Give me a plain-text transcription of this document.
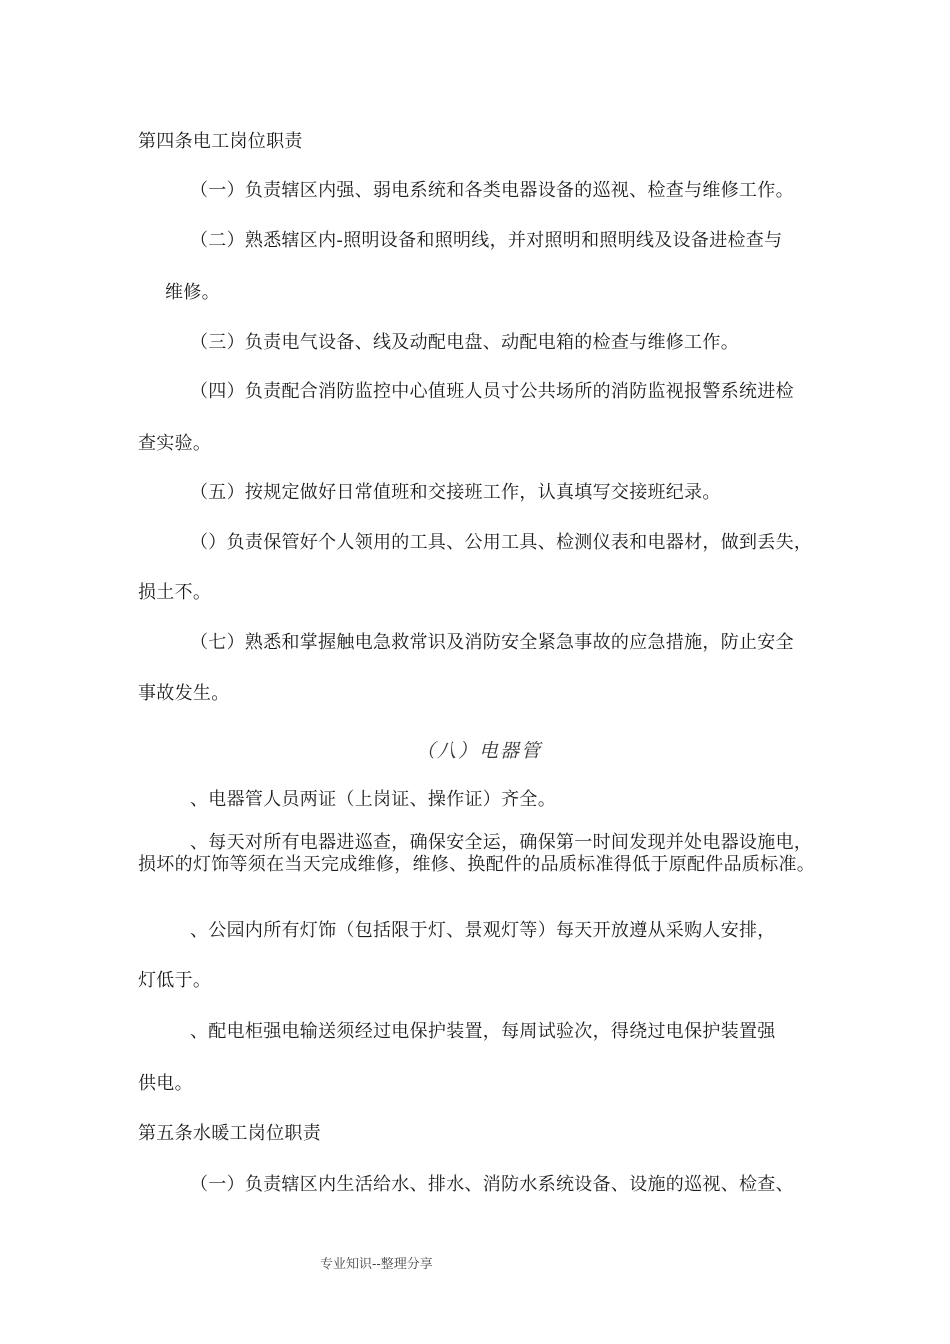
第四条电工岗位职责
（一）负责辖区内强、弱电系统和各类电器设备的巡视、检查与维修工作。
（二）熟悉辖区内-照明设备和照明线，并对照明和照明线及设备进检查与
维修。
（三）负责电气设备、线及动配电盘、动配电箱的检查与维修工作。
（四）负责配合消防监控中心值班人员寸公共场所的消防监视报警系统进检
查实验。
（五）按规定做好日常值班和交接班工作，认真填写交接班纪录。
（）负责保管好个人领用的工具、公用工具、检测仪表和电器材，做到丢失，
损土不。
（七）熟悉和掌握触电急救常识及消防安全紧急事故的应急措施，防止安全
事故发生。
（八）电器管
、电器管人员两证（上岗证、操作证）齐全。
、每天对所有电器进巡查，确保安全运，确保第一时间发现并处电器设施电，损坏的灯饰等须在当天完成维修，维修、换配件的品质标准得低于原配件品质标准。
、公园内所有灯饰（包括限于灯、景观灯等）每天开放遵从采购人安排，
灯低于。
、配电柜强电输送须经过电保护装置，每周试验次，得绕过电保护装置强
供电。
第五条水暖工岗位职责
（一）负责辖区内生活给水、排水、消防水系统设备、设施的巡视、检查、
专业知识--整理分享
